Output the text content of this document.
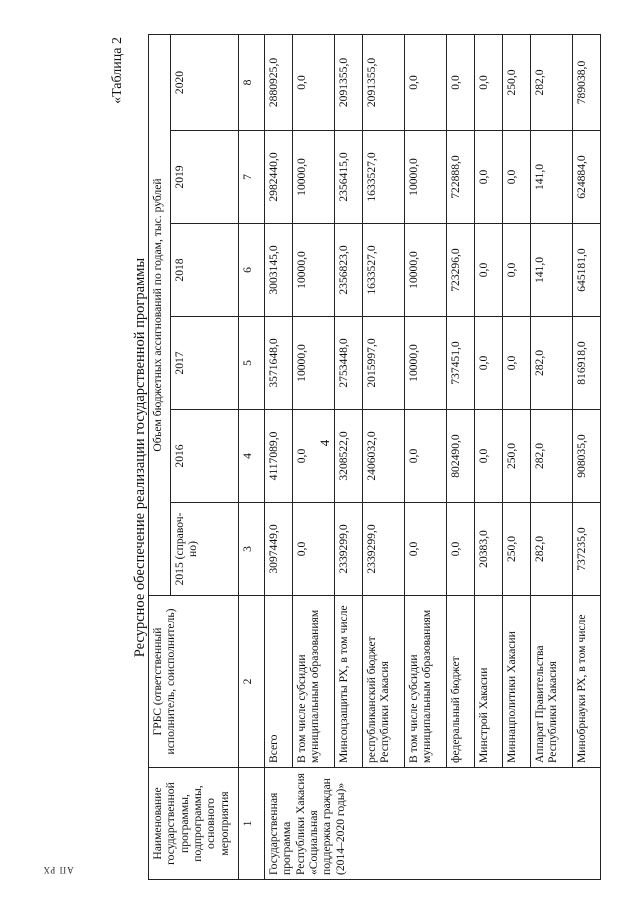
4
АП РХ
«Таблица 2
Ресурсное обеспечение реализации государственной программы
Наименование государственной программы, подпрограммы, основного мероприятия	ГРБС (ответственный исполнитель, соисполнитель)	Объем бюджетных ассигнований по годам, тыс. рублей					
		2015 (справоч-но)	2016	2017	2018	2019	2020
1	2	3	4	5	6	7	8
Государственная программа Республики Хакасия «Социальная поддержка граждан (2014–2020 годы)»	Всего	3097449,0	4117089,0	3571648,0	3003145,0	2982440,0	2880925,0
	В том числе субсидии муниципальным образованиям	0,0	0,0	10000,0	10000,0	10000,0	0,0
	Минсоцзащиты РХ, в том числе	2339299,0	3208522,0	2753448,0	2356823,0	2356415,0	2091355,0
	республиканский бюджет Республики Хакасия	2339299,0	2406032,0	2015997,0	1633527,0	1633527,0	2091355,0
	В том числе субсидии муниципальным образованиям	0,0	0,0	10000,0	10000,0	10000,0	0,0
	федеральный бюджет	0,0	802490,0	737451,0	723296,0	722888,0	0,0
	Минстрой Хакасии	20383,0	0,0	0,0	0,0	0,0	0,0
	Миннацполитики Хакасии	250,0	250,0	0,0	0,0	0,0	250,0
	Аппарат Правительства Республики Хакасия	282,0	282,0	282,0	141,0	141,0	282,0
	Минобрнауки РХ, в том числе	737235,0	908035,0	816918,0	645181,0	624884,0	789038,0
